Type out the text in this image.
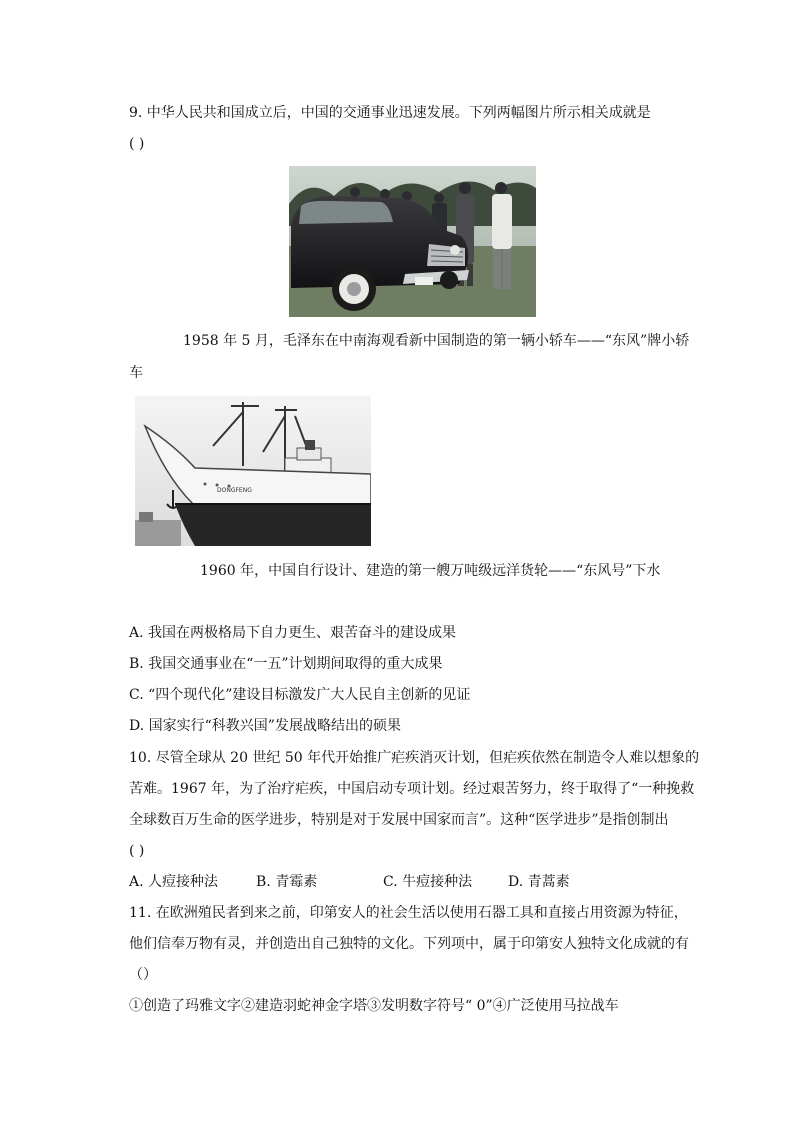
9. 中华人民共和国成立后，中国的交通事业迅速发展。下列两幅图片所示相关成就是
( )
1958 年 5 月，毛泽东在中南海观看新中国制造的第一辆小轿车——“东风”牌小轿
车
DONGFENG
1960 年，中国自行设计、建造的第一艘万吨级远洋货轮——“东风号”下水
A. 我国在两极格局下自力更生、艰苦奋斗的建设成果
B. 我国交通事业在“一五”计划期间取得的重大成果
C. “四个现代化”建设目标激发广大人民自主创新的见证
D. 国家实行“科教兴国”发展战略结出的硕果
10. 尽管全球从 20 世纪 50 年代开始推广疟疾消灭计划，但疟疾依然在制造令人难以想象的
苦难。1967 年，为了治疗疟疾，中国启动专项计划。经过艰苦努力，终于取得了“一种挽救
全球数百万生命的医学进步，特别是对于发展中国家而言”。这种“医学进步”是指创制出
( )
A. 人痘接种法	B. 青霉素	C. 牛痘接种法	D. 青蒿素
11. 在欧洲殖民者到来之前，印第安人的社会生活以使用石器工具和直接占用资源为特征，
他们信奉万物有灵，并创造出自己独特的文化。下列项中，属于印第安人独特文化成就的有
（）
①创造了玛雅文字②建造羽蛇神金字塔③发明数字符号“ 0”④广泛使用马拉战车
